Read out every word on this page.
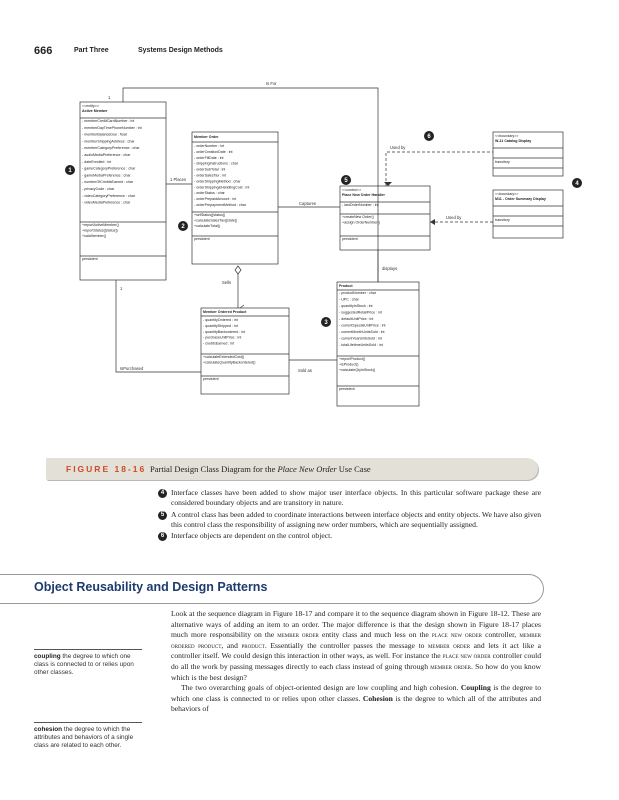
666	Part Three	Systems Design Methods
Is For
Used by
Used by
1 Places
Captures
displays
Sells
IsPurchased	Sold as
1
1
<<entity>>
Active Member
- memberCreditCardNumber : int
- memberDayTimePhoneNumber : int
- memberBalanceDue : float
- memberShippingAddress : char
- memberCategoryPreference : char
- audioMediaPreference : char
- dateEnrolled : int
- gameCategoryPreference : char
- gameMediaPreference : char
- numberOfCreditsEarned : char
- privacyCode : char
- videoCategoryPreference : char
- videoMediaPreference : char
+reportActiveMember()
+reportStatus([status])
+calcMember()
persistent
Member Order
- orderNumber : int
- orderCreationDate : int
- orderFillDate : int
- shippingInstructions : char
- orderSubTotal : int
- orderSalesTax : int
- orderShippingMethod : char
- orderShipping&HandlingCost : int
- orderStatus : char
- orderPrepaidAmount : int
- orderPrepaymentMethod : char
+setStatus([status])
+calculateSalesTax([state])
+calculateTotal()
persistent
<<control>>
Place New Order Handler
- lastOrderNumber : int
+createNew Order()
+assign OrderNumber()
persistent
<<boundary>>
W-11 Catalog Display
transitory
<<boundary>>
M11 - Order Summary Display
transitory
Member Ordered Product
- quantityOrdered : int
- quantityShipped : int
- quantityBackordered : int
- purchaseUnitPrice : int
- creditsEarned : int
+calculateExtendedCost()
+calculateQuantityBackordered()
persistent
Product
- productNumber : char
- UPC : char
- quantityInStock : int
- suggestedRetailPrice : int
- defaultUnitPrice : int
- currentSpecialUnitPrice : int
- currentMonthUnitsSold : int
- currentYearUnitsSold : int
- totalLifetimeUnitsSold : int
+reportProduct()
+isProduct()
+calculateQtyInStock()
persistent
1
2
3
4
5
6
FIGURE 18-16 Partial Design Class Diagram for the Place New Order Use Case
4 Interface classes have been added to show major user interface objects. In this particular software package these are considered boundary objects and are transitory in nature.
5 A control class has been added to coordinate interactions between interface objects and entity objects. We have also given this control class the responsibility of assigning new order numbers, which are sequentially assigned.
6 Interface objects are dependent on the control object.
Object Reusability and Design Patterns

Look at the sequence diagram in Figure 18-17 and compare it to the sequence diagram shown in Figure 18-12. These are alternative ways of adding an item to an order. The major difference is that the design shown in Figure 18-17 places much more responsibility on the member order entity class and much less on the place new order controller, member ordered product, and product. Essentially the controller passes the message to member order and lets it act like a controller itself. We could design this interaction in other ways, as well. For instance the place new order controller could do all the work by passing messages directly to each class instead of going through member order. So how do you know which is the best design?

The two overarching goals of object-oriented design are low coupling and high cohesion. Coupling is the degree to which one class is connected to or relies upon other classes. Cohesion is the degree to which all of the attributes and behaviors of

coupling the degree to which one class is connected to or relies upon other classes.
cohesion the degree to which the attributes and behaviors of a single class are related to each other.
